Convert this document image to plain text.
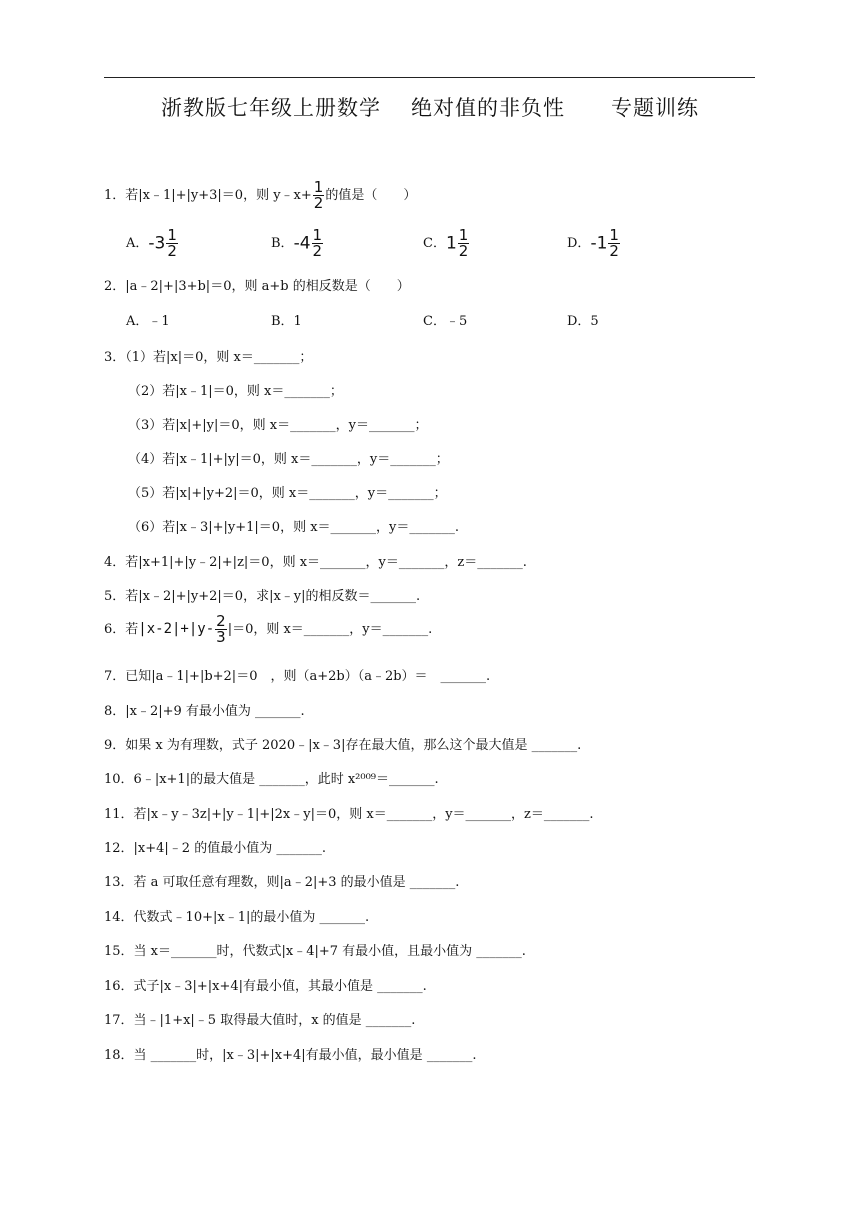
浙教版七年级上册数学 绝对值的非负性 专题训练
1．若|x﹣1|+|y+3|＝0，则 y﹣x+ $\frac{1}{2}$ 的值是（　　）
A．$-3 \frac{1}{2}$	B．$-4 \frac{1}{2}$	C．$1 \frac{1}{2}$	D．$-1 \frac{1}{2}$
2．|a﹣2|+|3+b|＝0，则 a+b 的相反数是（　　）
A．﹣1	B．1	C．﹣5	D．5
3．（1）若|x|＝0，则 x＝_______；
（2）若|x﹣1|＝0，则 x＝_______；
（3）若|x|+|y|＝0，则 x＝_______，y＝_______；
（4）若|x﹣1|+|y|＝0，则 x＝_______，y＝_______；
（5）若|x|+|y+2|＝0，则 x＝_______，y＝_______；
（6）若|x﹣3|+|y+1|＝0，则 x＝_______，y＝_______.
4．若|x+1|+|y﹣2|+|z|＝0，则 x＝_______，y＝_______，z＝_______.
5．若|x﹣2|+|y+2|＝0，求|x﹣y|的相反数＝_______.
6．若$|x-2|+|y- \frac{2}{3} |=0$，则 x＝_______，y＝_______.
7．已知|a﹣1|+|b+2|＝0　，则（a+2b）（a﹣2b）＝　_______.
8．|x﹣2|+9 有最小值为 _______.
9．如果 x 为有理数，式子 2020﹣|x﹣3|存在最大值，那么这个最大值是 _______.
10．6﹣|x+1|的最大值是 _______，此时 x²⁰⁰⁹＝_______.
11．若|x﹣y﹣3z|+|y﹣1|+|2x﹣y|＝0，则 x＝_______，y＝_______，z＝_______.
12．|x+4|﹣2 的值最小值为 _______.
13．若 a 可取任意有理数，则|a﹣2|+3 的最小值是 _______.
14．代数式﹣10+|x﹣1|的最小值为 _______.
15．当 x＝_______时，代数式|x﹣4|+7 有最小值，且最小值为 _______.
16．式子|x﹣3|+|x+4|有最小值，其最小值是 _______.
17．当﹣|1+x|﹣5 取得最大值时，x 的值是 _______.
18．当 _______时，|x﹣3|+|x+4|有最小值，最小值是 _______.
